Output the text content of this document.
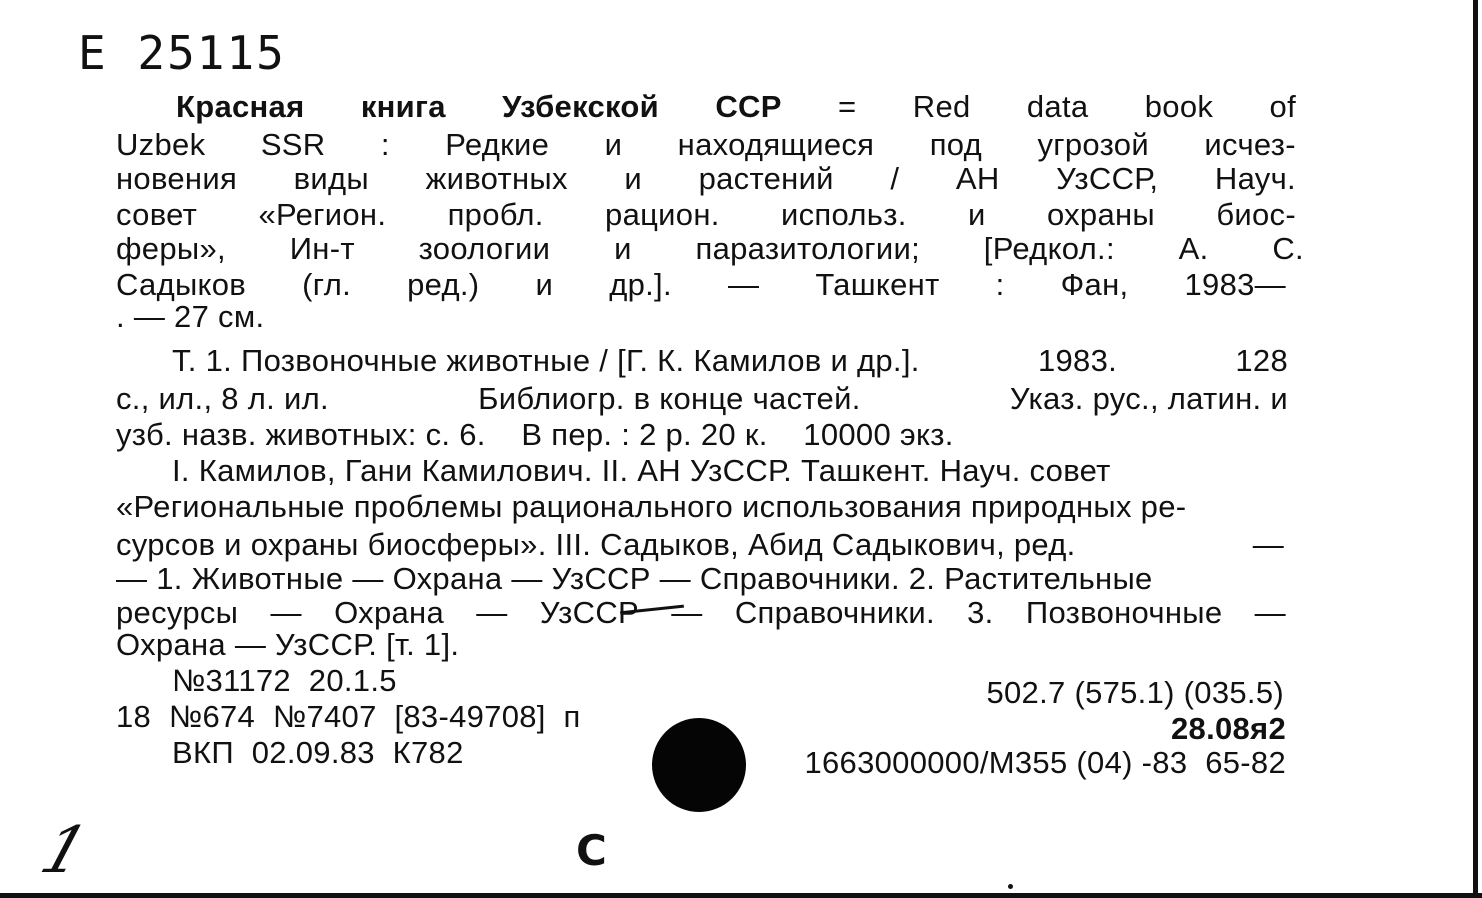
Е 25115
Красная книга Узбекской ССР = Red data book of
Uzbek SSR : Редкие и находящиеся под угрозой исчез-
новения виды животных и растений / АН УзССР, Науч.
совет «Регион. пробл. рацион. использ. и охраны биос-
феры», Ин-т зоологии и паразитологии; [Редкол.: А. С.
Садыков (гл. ред.) и др.]. — Ташкент : Фан, 1983—
. — 27 см.
Т. 1. Позвоночные животные / [Г. К. Камилов и др.].	1983.	128
с., ил., 8 л. ил.	Библиогр. в конце частей.	Указ. рус., латин. и
узб. назв. животных: с. 6.    В пер. : 2 р. 20 к.    10000 экз.
I. Камилов, Гани Камилович. II. АН УзССР. Ташкент. Науч. совет
«Региональные проблемы рационального использования природных ре-
сурсов и охраны биосферы». III. Садыков, Абид Садыкович, ред.	—
— 1. Животные — Охрана — УзССР — Справочники. 2. Растительные
ресурсы — Охрана — УзССР — Справочники. 3. Позвоночные —
Охрана — УзССР. [т. 1].
№31172  20.1.5
18  №674  №7407  [83-49708]  п
ВКП  02.09.83  К782
502.7 (575.1) (035.5)
28.08я2
1663000000/М355 (04) -83  65-82
1	С
